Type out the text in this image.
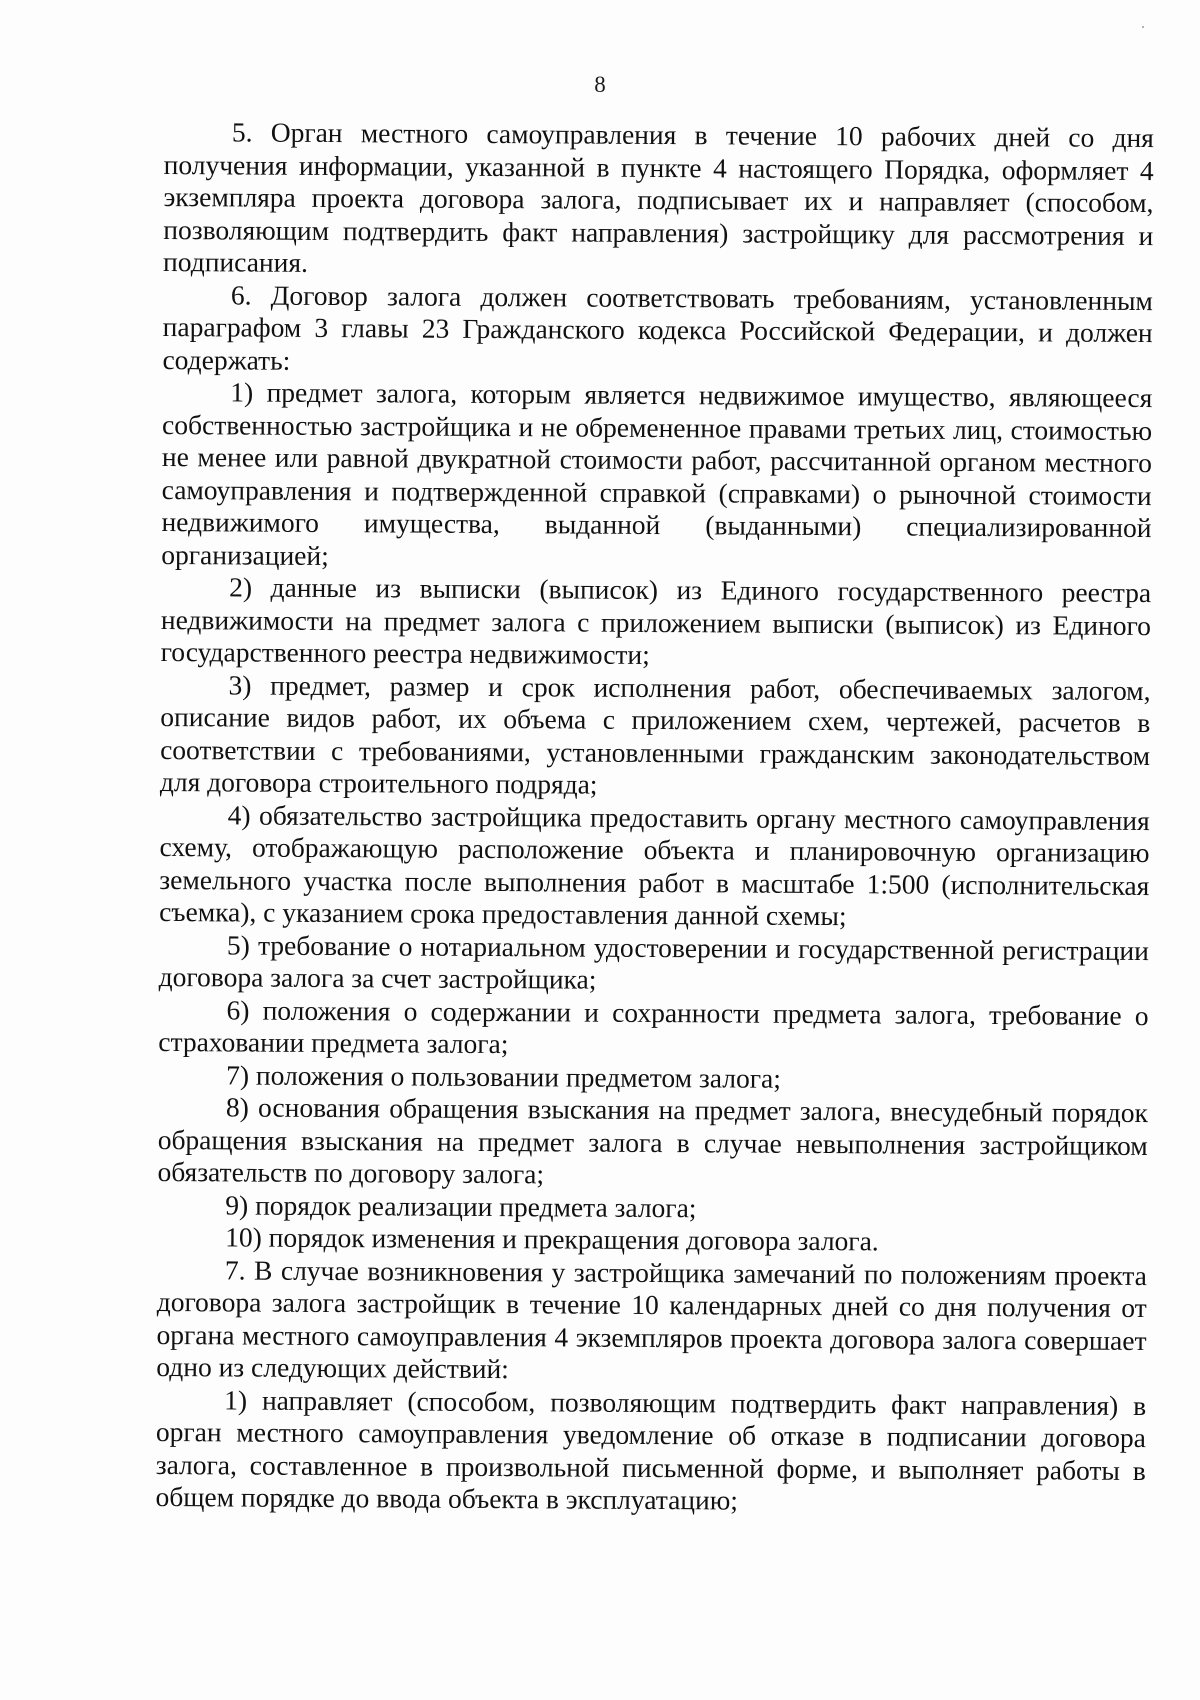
8

5. Орган местного самоуправления в течение 10 рабочих дней со дня получения информации, указанной в пункте 4 настоящего Порядка, оформляет 4 экземпляра проекта договора залога, подписывает их и направляет (способом, позволяющим подтвердить факт направления) застройщику для рассмотрения и подписания.

6. Договор залога должен соответствовать требованиям, установленным параграфом 3 главы 23 Гражданского кодекса Российской Федерации, и должен содержать:

1) предмет залога, которым является недвижимое имущество, являющееся собственностью застройщика и не обремененное правами третьих лиц, стоимостью не менее или равной двукратной стоимости работ, рассчитанной органом местного самоуправления и подтвержденной справкой (справками) о рыночной стоимости недвижимого имущества, выданной (выданными) специализированной организацией;

2) данные из выписки (выписок) из Единого государственного реестра недвижимости на предмет залога с приложением выписки (выписок) из Единого государственного реестра недвижимости;

3) предмет, размер и срок исполнения работ, обеспечиваемых залогом, описание видов работ, их объема с приложением схем, чертежей, расчетов в соответствии с требованиями, установленными гражданским законодательством для договора строительного подряда;

4) обязательство застройщика предоставить органу местного самоуправления схему, отображающую расположение объекта и планировочную организацию земельного участка после выполнения работ в масштабе 1:500 (исполнительская съемка), с указанием срока предоставления данной схемы;

5) требование о нотариальном удостоверении и государственной регистрации договора залога за счет застройщика;

6) положения о содержании и сохранности предмета залога, требование о страховании предмета залога;

7) положения о пользовании предметом залога;

8) основания обращения взыскания на предмет залога, внесудебный порядок обращения взыскания на предмет залога в случае невыполнения застройщиком обязательств по договору залога;

9) порядок реализации предмета залога;

10) порядок изменения и прекращения договора залога.

7. В случае возникновения у застройщика замечаний по положениям проекта договора залога застройщик в течение 10 календарных дней со дня получения от органа местного самоуправления 4 экземпляров проекта договора залога совершает одно из следующих действий:

1) направляет (способом, позволяющим подтвердить факт направления) в орган местного самоуправления уведомление об отказе в подписании договора залога, составленное в произвольной письменной форме, и выполняет работы в общем порядке до ввода объекта в эксплуатацию;
